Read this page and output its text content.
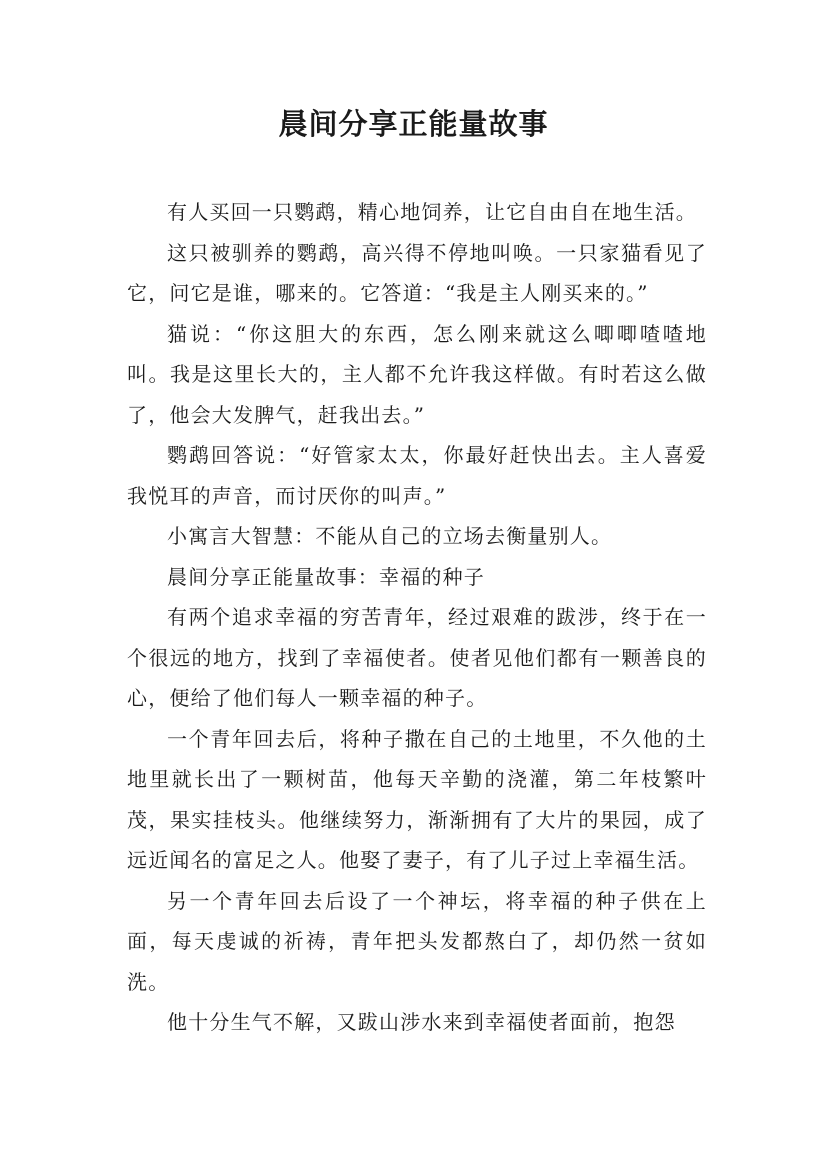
晨间分享正能量故事

有人买回一只鹦鹉，精心地饲养，让它自由自在地生活。

这只被驯养的鹦鹉，高兴得不停地叫唤。一只家猫看见了它，问它是谁，哪来的。它答道：“我是主人刚买来的。”

猫说：“你这胆大的东西，怎么刚来就这么唧唧喳喳地叫。我是这里长大的，主人都不允许我这样做。有时若这么做了，他会大发脾气，赶我出去。”

鹦鹉回答说：“好管家太太，你最好赶快出去。主人喜爱我悦耳的声音，而讨厌你的叫声。”

小寓言大智慧：不能从自己的立场去衡量别人。

晨间分享正能量故事：幸福的种子

有两个追求幸福的穷苦青年，经过艰难的跋涉，终于在一个很远的地方，找到了幸福使者。使者见他们都有一颗善良的心，便给了他们每人一颗幸福的种子。

一个青年回去后，将种子撒在自己的土地里，不久他的土地里就长出了一颗树苗，他每天辛勤的浇灌，第二年枝繁叶茂，果实挂枝头。他继续努力，渐渐拥有了大片的果园，成了远近闻名的富足之人。他娶了妻子，有了儿子过上幸福生活。

另一个青年回去后设了一个神坛，将幸福的种子供在上面，每天虔诚的祈祷，青年把头发都熬白了，却仍然一贫如洗。

他十分生气不解，又跋山涉水来到幸福使者面前，抱怨
